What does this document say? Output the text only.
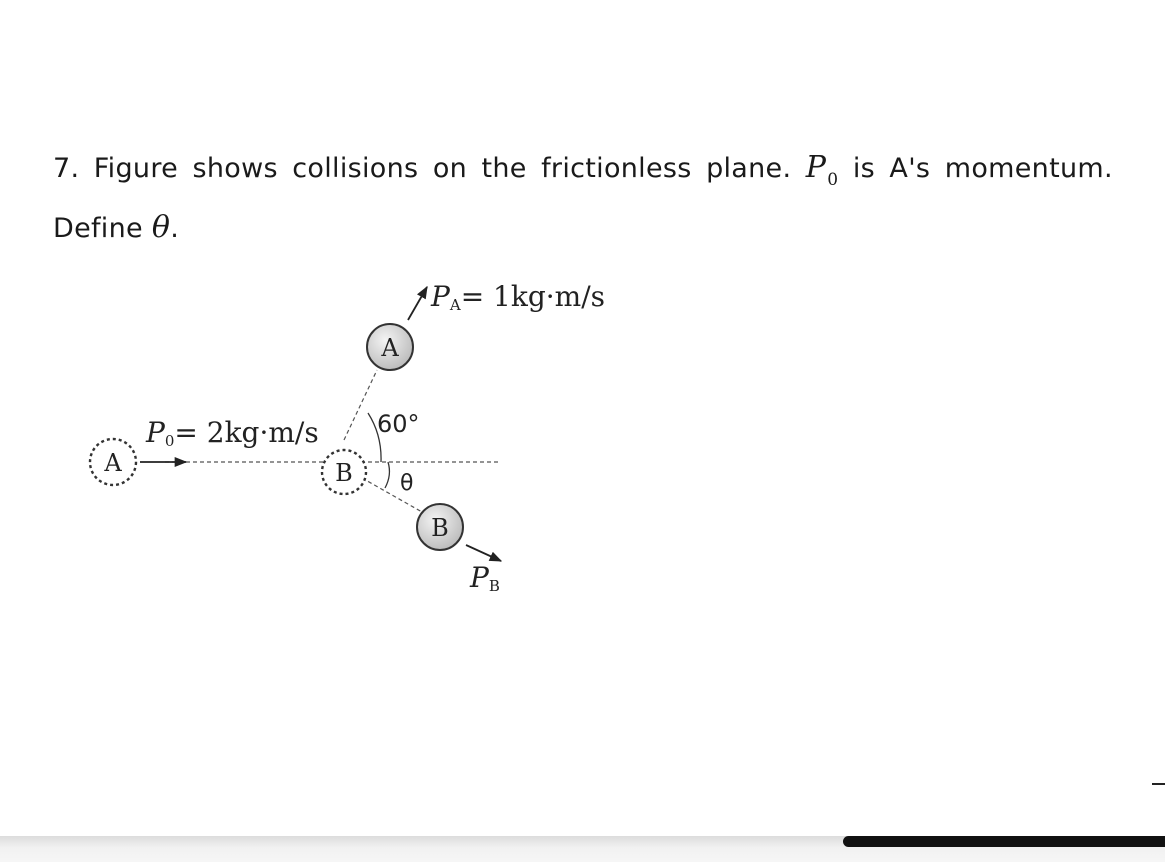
7. Figure shows collisions on the frictionless plane. P0 is A's momentum.
Define θ.
A
P0= 2kg·m/s
B
60°
θ
A
PA= 1kg·m/s
B
PB
